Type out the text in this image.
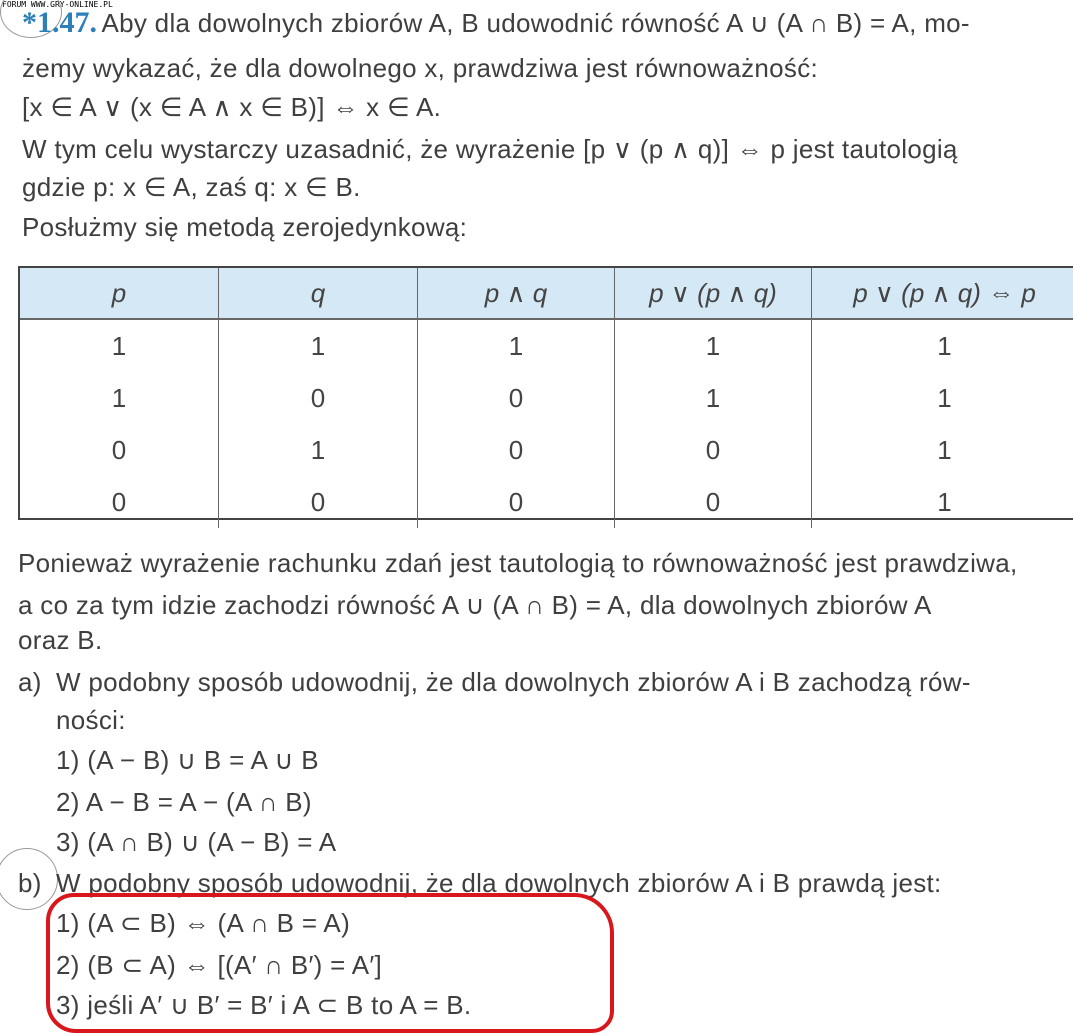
FORUM WWW.GRY-ONLINE.PL
*1.47. Aby dla dowolnych zbiorów A, B udowodnić równość A ∪ (A ∩ B) = A, mo-
żemy wykazać, że dla dowolnego x, prawdziwa jest równoważność:
[x ∈ A ∨ (x ∈ A ∧ x ∈ B)] ⇔ x ∈ A.
W tym celu wystarczy uzasadnić, że wyrażenie [p ∨ (p ∧ q)] ⇔ p jest tautologią
gdzie p: x ∈ A, zaś q: x ∈ B.
Posłużmy się metodą zerojedynkową:
p	q	p ∧ q	p ∨ (p ∧ q)	p ∨ (p ∧ q) ⇔ p
1	1	1	1	1
1	0	0	1	1
0	1	0	0	1
0	0	0	0	1
Ponieważ wyrażenie rachunku zdań jest tautologią to równoważność jest prawdziwa,
a co za tym idzie zachodzi równość A ∪ (A ∩ B) = A, dla dowolnych zbiorów A
oraz B.
a) W podobny sposób udowodnij, że dla dowolnych zbiorów A i B zachodzą rów-
ności:
1) (A − B) ∪ B = A ∪ B
2) A − B = A − (A ∩ B)
3) (A ∩ B) ∪ (A − B) = A
b) W podobny sposób udowodnij, że dla dowolnych zbiorów A i B prawdą jest:
1) (A ⊂ B) ⇔ (A ∩ B = A)
2) (B ⊂ A) ⇔ [(A′ ∩ B′) = A′]
3) jeśli A′ ∪ B′ = B′ i A ⊂ B to A = B.
